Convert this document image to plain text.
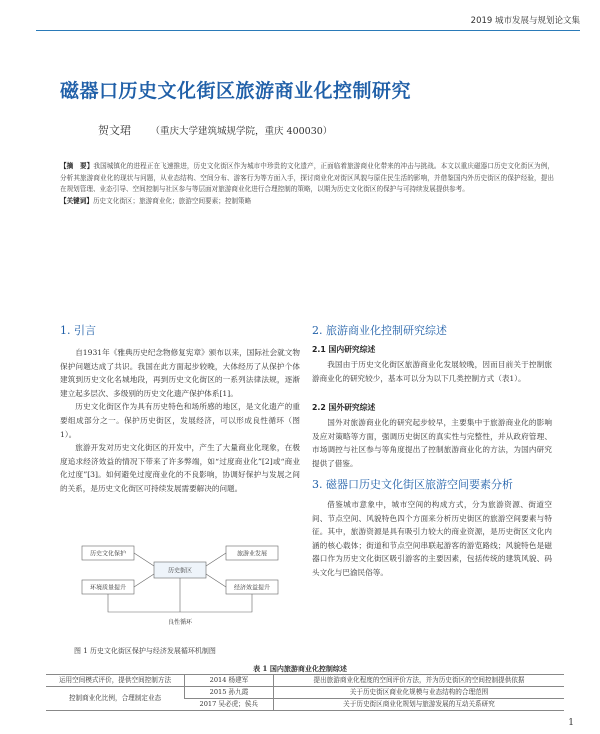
2019 城市发展与规划论文集
磁器口历史文化街区旅游商业化控制研究
贺文珺 （重庆大学建筑城规学院，重庆 400030）
【摘　要】我国城镇化的进程正在飞速推进，历史文化街区作为城市中珍贵的文化遗产，正面临着旅游商业化带来的冲击与挑战。本文以重庆磁器口历史文化街区为例，分析其旅游商业化的现状与问题，从业态结构、空间分布、游客行为等方面入手，探讨商业化对街区风貌与原住民生活的影响，并借鉴国内外历史街区的保护经验，提出在规划管理、业态引导、空间控制与社区参与等层面对旅游商业化进行合理控制的策略，以期为历史文化街区的保护与可持续发展提供参考。
【关键词】历史文化街区；旅游商业化；旅游空间要素；控制策略
1. 引言

自1931年《雅典历史纪念物修复宪章》颁布以来，国际社会就文物保护问题达成了共识。我国在此方面起步较晚，大体经历了从保护个体建筑到历史文化名城地段，再到历史文化街区的一系列法律法规，逐渐建立起多层次、多级别的历史文化遗产保护体系[1]。

历史文化街区作为具有历史特色和场所感的地区，是文化遗产的重要组成部分之一。保护历史街区，发展经济，可以形成良性循环（图1）。

旅游开发对历史文化街区的开发中，产生了大量商业化现象，在极度追求经济效益的情况下带来了许多弊端，如“过度商业化”[2]或“商业化过度”[3]。如何避免过度商业化的不良影响，协调好保护与发展之间的关系，是历史文化街区可持续发展需要解决的问题。

历史文化保护
环境质量提升
历史街区
旅游业发展
经济效益提升
良性循环
图 1 历史文化街区保护与经济发展循环机制图
2. 旅游商业化控制研究综述
2.1 国内研究综述

我国由于历史文化街区旅游商业化发展较晚，因而目前关于控制旅游商业化的研究较少，基本可以分为以下几类控制方式（表1）。

2.2 国外研究综述

国外对旅游商业化的研究起步较早，主要集中于旅游商业化的影响及应对策略等方面，强调历史街区的真实性与完整性，并从政府管理、市场调控与社区参与等角度提出了控制旅游商业化的方法，为国内研究提供了借鉴。

3. 磁器口历史文化街区旅游空间要素分析

借鉴城市意象中，城市空间的构成方式，分为旅游资源、街道空间、节点空间、风貌特色四个方面来分析历史街区的旅游空间要素与特征。其中，旅游资源是具有吸引力较大的商业资源，是历史街区文化内涵的核心载体；街道和节点空间串联起游客的游览路线；风貌特色是磁器口作为历史文化街区吸引游客的主要因素，包括传统的建筑风貌、码头文化与巴渝民俗等。

表 1 国内旅游商业化控制综述
运用空间模式评价，提供空间控制方法	2014 杨建军	提出旅游商业化程度的空间评价方法，并为历史街区的空间控制提供依据
控制商业化比例，合理制定业态	2015 孙九霞	关于历史街区商业化规模与业态结构的合理范围
	2017 吴必虎；侯兵	关于历史街区商业化规划与旅游发展的互动关系研究
1
